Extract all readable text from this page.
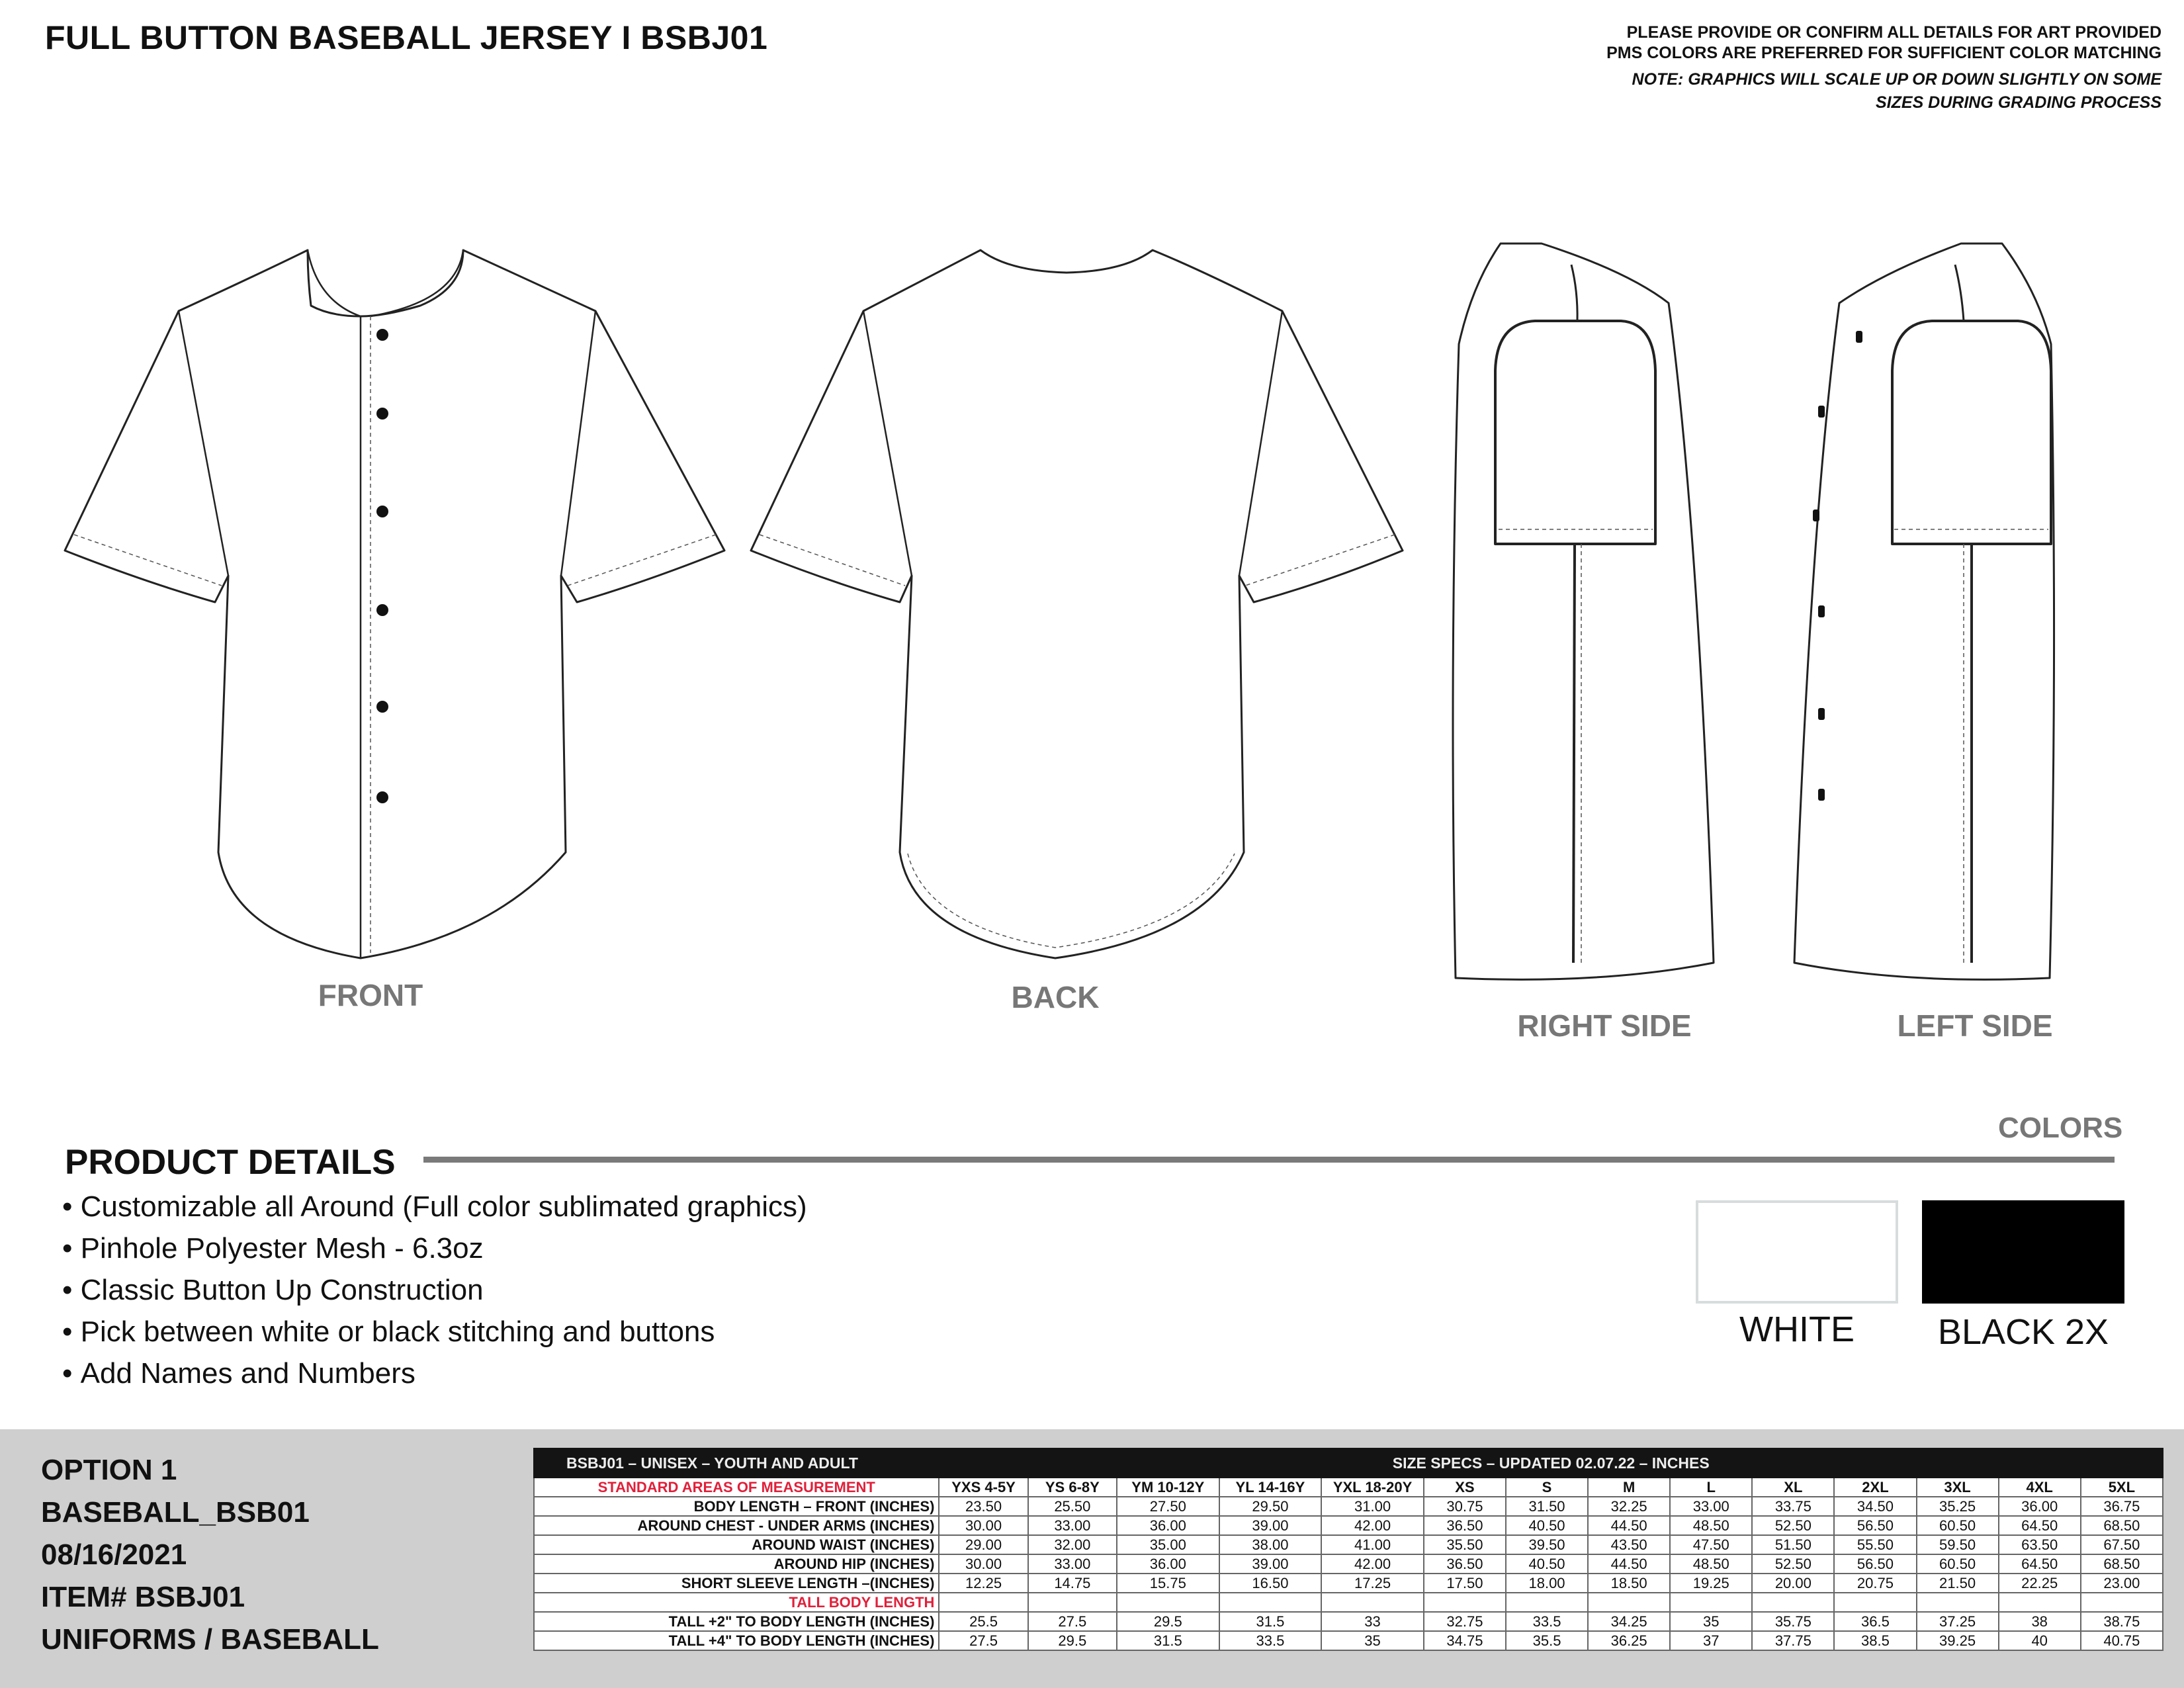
FULL BUTTON BASEBALL JERSEY I BSBJ01	PLEASE PROVIDE OR CONFIRM ALL DETAILS FOR ART PROVIDED
PMS COLORS ARE PREFERRED FOR SUFFICIENT COLOR MATCHING
NOTE: GRAPHICS WILL SCALE UP OR DOWN SLIGHTLY ON SOME
SIZES DURING GRADING PROCESS
FRONT	BACK
RIGHT SIDE	LEFT SIDE
PRODUCT DETAILS
COLORS
• Customizable all Around (Full color sublimated graphics)
• Pinhole Polyester Mesh - 6.3oz
• Classic Button Up Construction
• Pick between white or black stitching and buttons
• Add Names and Numbers
WHITE	BLACK 2X
OPTION 1
BASEBALL_BSB01
08/16/2021
ITEM# BSBJ01
UNIFORMS / BASEBALL
BSBJ01 – UNISEX – YOUTH AND ADULT	SIZE SPECS – UPDATED 02.07.22 – INCHES													
STANDARD AREAS OF MEASUREMENT	YXS 4-5Y	YS 6-8Y	YM 10-12Y	YL 14-16Y	YXL 18-20Y	XS	S	M	L	XL	2XL	3XL	4XL	5XL
BODY LENGTH – FRONT (INCHES)	23.50	25.50	27.50	29.50	31.00	30.75	31.50	32.25	33.00	33.75	34.50	35.25	36.00	36.75
AROUND CHEST - UNDER ARMS (INCHES)	30.00	33.00	36.00	39.00	42.00	36.50	40.50	44.50	48.50	52.50	56.50	60.50	64.50	68.50
AROUND WAIST (INCHES)	29.00	32.00	35.00	38.00	41.00	35.50	39.50	43.50	47.50	51.50	55.50	59.50	63.50	67.50
AROUND HIP (INCHES)	30.00	33.00	36.00	39.00	42.00	36.50	40.50	44.50	48.50	52.50	56.50	60.50	64.50	68.50
SHORT SLEEVE LENGTH –(INCHES)	12.25	14.75	15.75	16.50	17.25	17.50	18.00	18.50	19.25	20.00	20.75	21.50	22.25	23.00
TALL BODY LENGTH														
TALL +2" TO BODY LENGTH (INCHES)	25.5	27.5	29.5	31.5	33	32.75	33.5	34.25	35	35.75	36.5	37.25	38	38.75
TALL +4" TO BODY LENGTH (INCHES)	27.5	29.5	31.5	33.5	35	34.75	35.5	36.25	37	37.75	38.5	39.25	40	40.75
